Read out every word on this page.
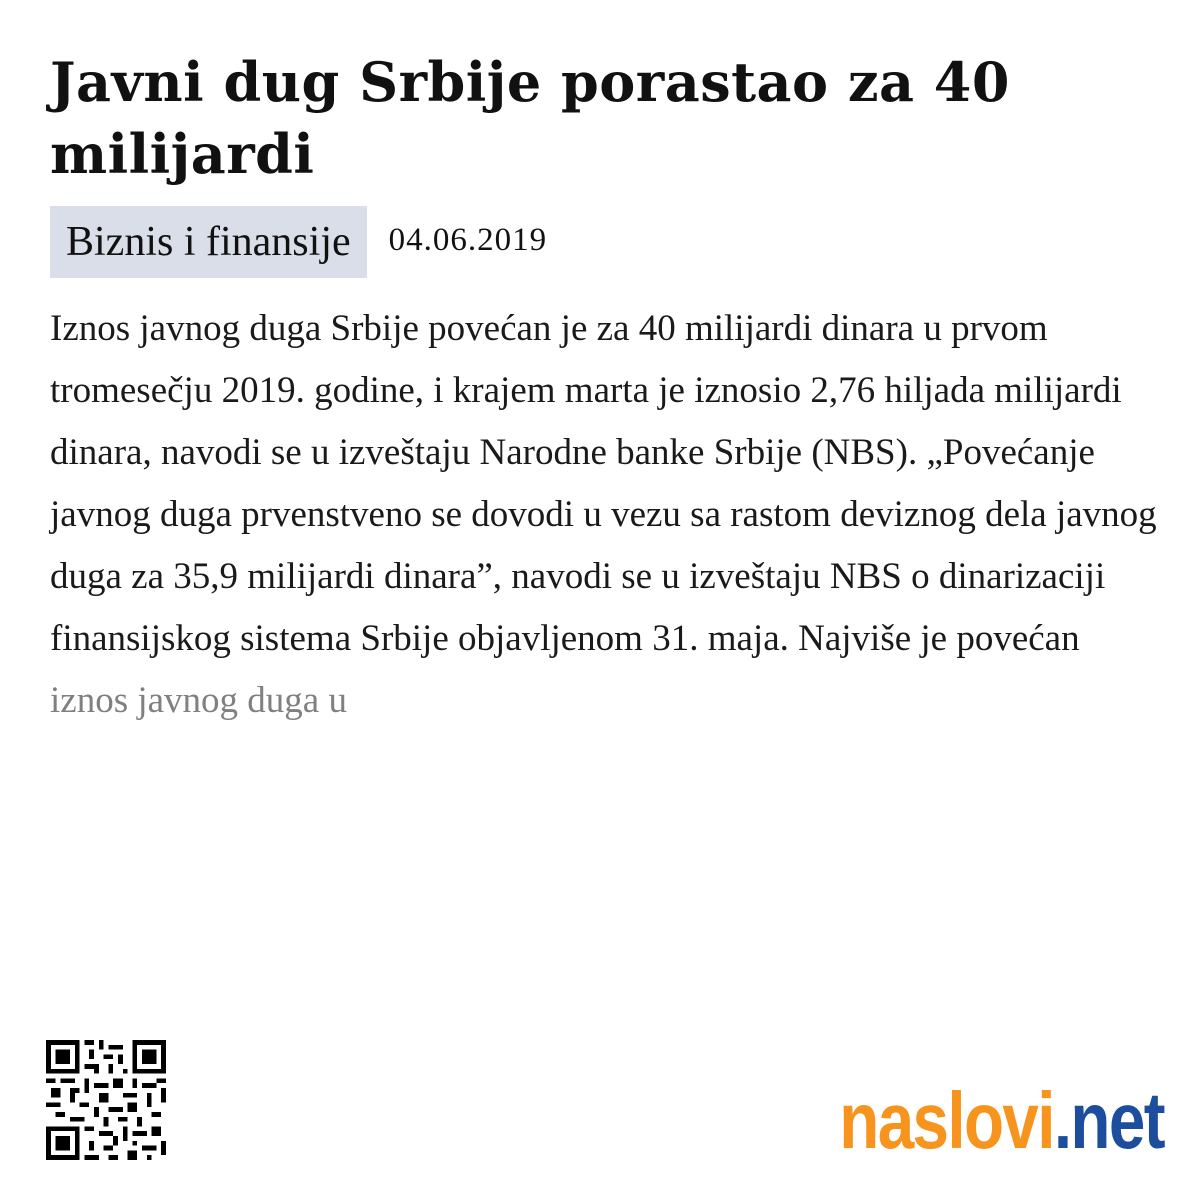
Javni dug Srbije porastao za 40 milijardi
Biznis i finansije	04.06.2019

Iznos javnog duga Srbije povećan je za 40 milijardi dinara u prvom tromesečju 2019. godine, i krajem marta je iznosio 2,76 hiljada milijardi dinara, navodi se u izveštaju Narodne banke Srbije (NBS). „Povećanje javnog duga prvenstveno se dovodi u vezu sa rastom deviznog dela javnog duga za 35,9 milijardi dinara”, navodi se u izveštaju NBS o dinarizaciji finansijskog sistema Srbije objavljenom 31. maja. Najviše je povećan iznos javnog duga u

naslovi.net
